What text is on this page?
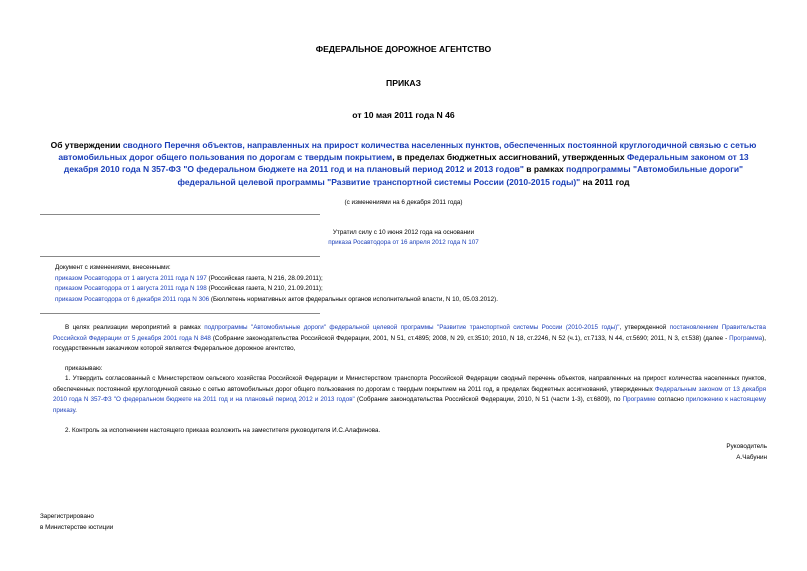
ФЕДЕРАЛЬНОЕ ДОРОЖНОЕ АГЕНТСТВО
ПРИКАЗ
от 10 мая 2011 года N 46
Об утверждении сводного Перечня объектов, направленных на прирост количества населенных пунктов, обеспеченных постоянной круглогодичной связью с сетью автомобильных дорог общего пользования по дорогам с твердым покрытием, в пределах бюджетных ассигнований, утвержденных Федеральным законом от 13 декабря 2010 года N 357-ФЗ "О федеральном бюджете на 2011 год и на плановый период 2012 и 2013 годов" в рамках подпрограммы "Автомобильные дороги" федеральной целевой программы "Развитие транспортной системы России (2010-2015 годы)" на 2011 год
(с изменениями на 6 декабря 2011 года)
Утратил силу с 10 июня 2012 года на основании
приказа Росавтодора от 16 апреля 2012 года N 107
Документ с изменениями, внесенными:
приказом Росавтодора от 1 августа 2011 года N 197 (Российская газета, N 216, 28.09.2011);
приказом Росавтодора от 1 августа 2011 года N 198 (Российская газета, N 210, 21.09.2011);
приказом Росавтодора от 6 декабря 2011 года N 306 (Бюллетень нормативных актов федеральных органов исполнительной власти, N 10, 05.03.2012).
В целях реализации мероприятий в рамках подпрограммы "Автомобильные дороги" федеральной целевой программы "Развитие транспортной системы России (2010-2015 годы)", утвержденной постановлением Правительства Российской Федерации от 5 декабря 2001 года N 848 (Собрание законодательства Российской Федерации, 2001, N 51, ст.4895; 2008, N 29, ст.3510; 2010, N 18, ст.2246, N 52 (ч.1), ст.7133, N 44, ст.5690; 2011, N 3, ст.538) (далее - Программа), государственным заказчиком которой является Федеральное дорожное агентство,
приказываю:
1. Утвердить согласованный с Министерством сельского хозяйства Российской Федерации и Министерством транспорта Российской Федерации сводный перечень объектов, направленных на прирост количества населенных пунктов, обеспеченных постоянной круглогодичной связью с сетью автомобильных дорог общего пользования по дорогам с твердым покрытием на 2011 год, в пределах бюджетных ассигнований, утвержденных Федеральным законом от 13 декабря 2010 года N 357-ФЗ "О федеральном бюджете на 2011 год и на плановый период 2012 и 2013 годов" (Собрание законодательства Российской Федерации, 2010, N 51 (части 1-3), ст.6809), по Программе согласно приложению к настоящему приказу.
2. Контроль за исполнением настоящего приказа возложить на заместителя руководителя И.С.Алафинова.
Руководитель
А.Чабунин
Зарегистрировано
в Министерстве юстиции
